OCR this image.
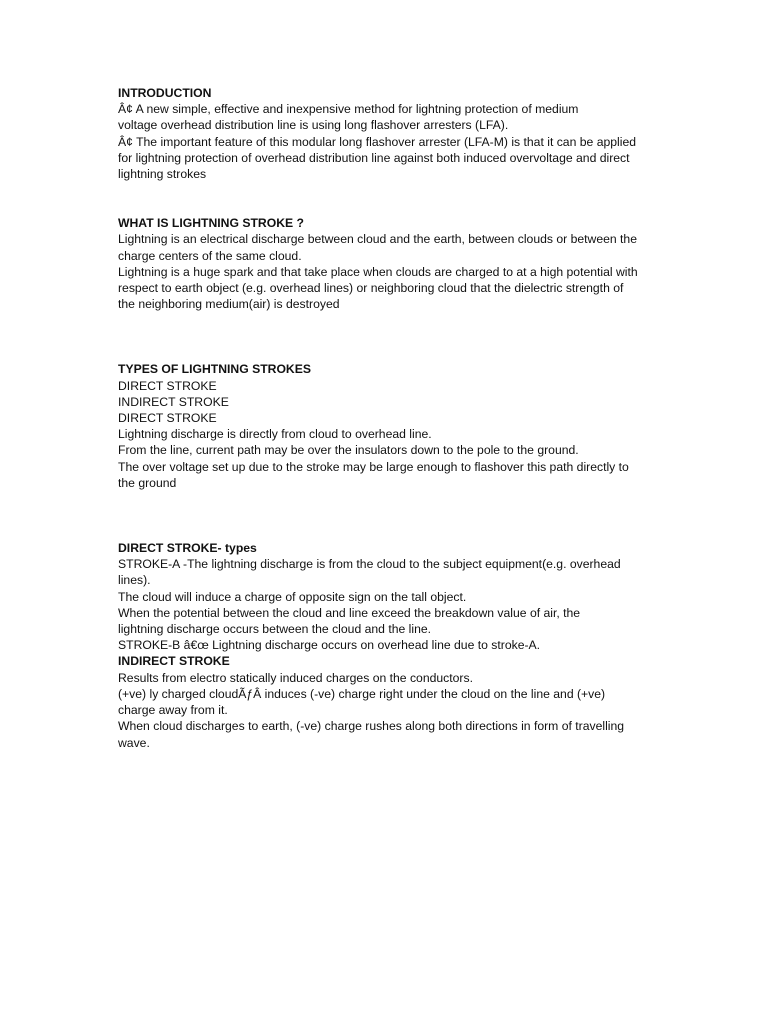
INTRODUCTION
Â¢ A new simple, effective and inexpensive method for lightning protection of medium
voltage overhead distribution line is using long flashover arresters (LFA).
Â¢ The important feature of this modular long flashover arrester (LFA-M) is that it can be applied
for lightning protection of overhead distribution line against both induced overvoltage and direct
lightning strokes
WHAT IS LIGHTNING STROKE ?
Lightning is an electrical discharge between cloud and the earth, between clouds or between the
charge centers of the same cloud.
Lightning is a huge spark and that take place when clouds are charged to at a high potential with
respect to earth object (e.g. overhead lines) or neighboring cloud that the dielectric strength of
the neighboring medium(air) is destroyed
TYPES OF LIGHTNING STROKES
DIRECT STROKE
INDIRECT STROKE
DIRECT STROKE
Lightning discharge is directly from cloud to overhead line.
From the line, current path may be over the insulators down to the pole to the ground.
The over voltage set up due to the stroke may be large enough to flashover this path directly to
the ground
DIRECT STROKE- types
STROKE-A -The lightning discharge is from the cloud to the subject equipment(e.g. overhead
lines).
The cloud will induce a charge of opposite sign on the tall object.
When the potential between the cloud and line exceed the breakdown value of air, the
lightning discharge occurs between the cloud and the line.
STROKE-B â€œ Lightning discharge occurs on overhead line due to stroke-A.
INDIRECT STROKE
Results from electro statically induced charges on the conductors.
(+ve) ly charged cloudÃƒÂ induces (-ve) charge right under the cloud on the line and (+ve)
charge away from it.
When cloud discharges to earth, (-ve) charge rushes along both directions in form of travelling
wave.
